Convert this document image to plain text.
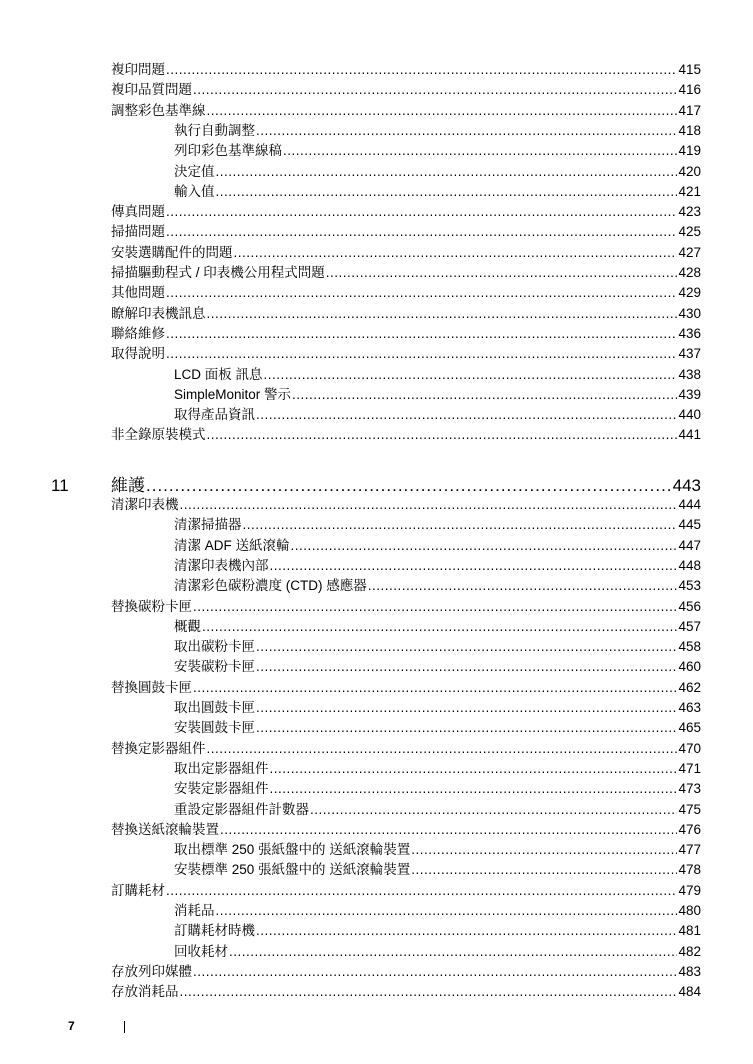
複印問題 .....	415
複印品質問題 .....	416
調整彩色基準線 .....	417
執行自動調整 .....	418
列印彩色基準線稿 .....	419
決定值 .....	420
輸入值 .....	421
傳真問題 .....	423
掃描問題 .....	425
安裝選購配件的問題 .....	427
掃描驅動程式 / 印表機公用程式問題 .....	428
其他問題 .....	429
瞭解印表機訊息 .....	430
聯絡維修 .....	436
取得說明 .....	437
LCD 面板 訊息 .....	438
SimpleMonitor 警示 .....	439
取得產品資訊 .....	440
非全錄原裝模式 .....	441
清潔印表機 .....	444
清潔掃描器 .....	445
清潔 ADF 送紙滾輪 .....	447
清潔印表機內部 .....	448
清潔彩色碳粉濃度 (CTD) 感應器 .....	453
替換碳粉卡匣 .....	456
概觀 .....	457
取出碳粉卡匣 .....	458
安裝碳粉卡匣 .....	460
替換圓鼓卡匣 .....	462
取出圓鼓卡匣 .....	463
安裝圓鼓卡匣 .....	465
替換定影器組件 .....	470
取出定影器組件 .....	471
安裝定影器組件 .....	473
重設定影器組件計數器 .....	475
替換送紙滾輪裝置 .....	476
取出標準 250 張紙盤中的 送紙滾輪裝置 .....	477
安裝標準 250 張紙盤中的 送紙滾輪裝置 .....	478
訂購耗材 .....	479
消耗品 .....	480
訂購耗材時機 .....	481
回收耗材 .....	482
存放列印媒體 .....	483
存放消耗品 .....	484
11	維護 .....	443
7
